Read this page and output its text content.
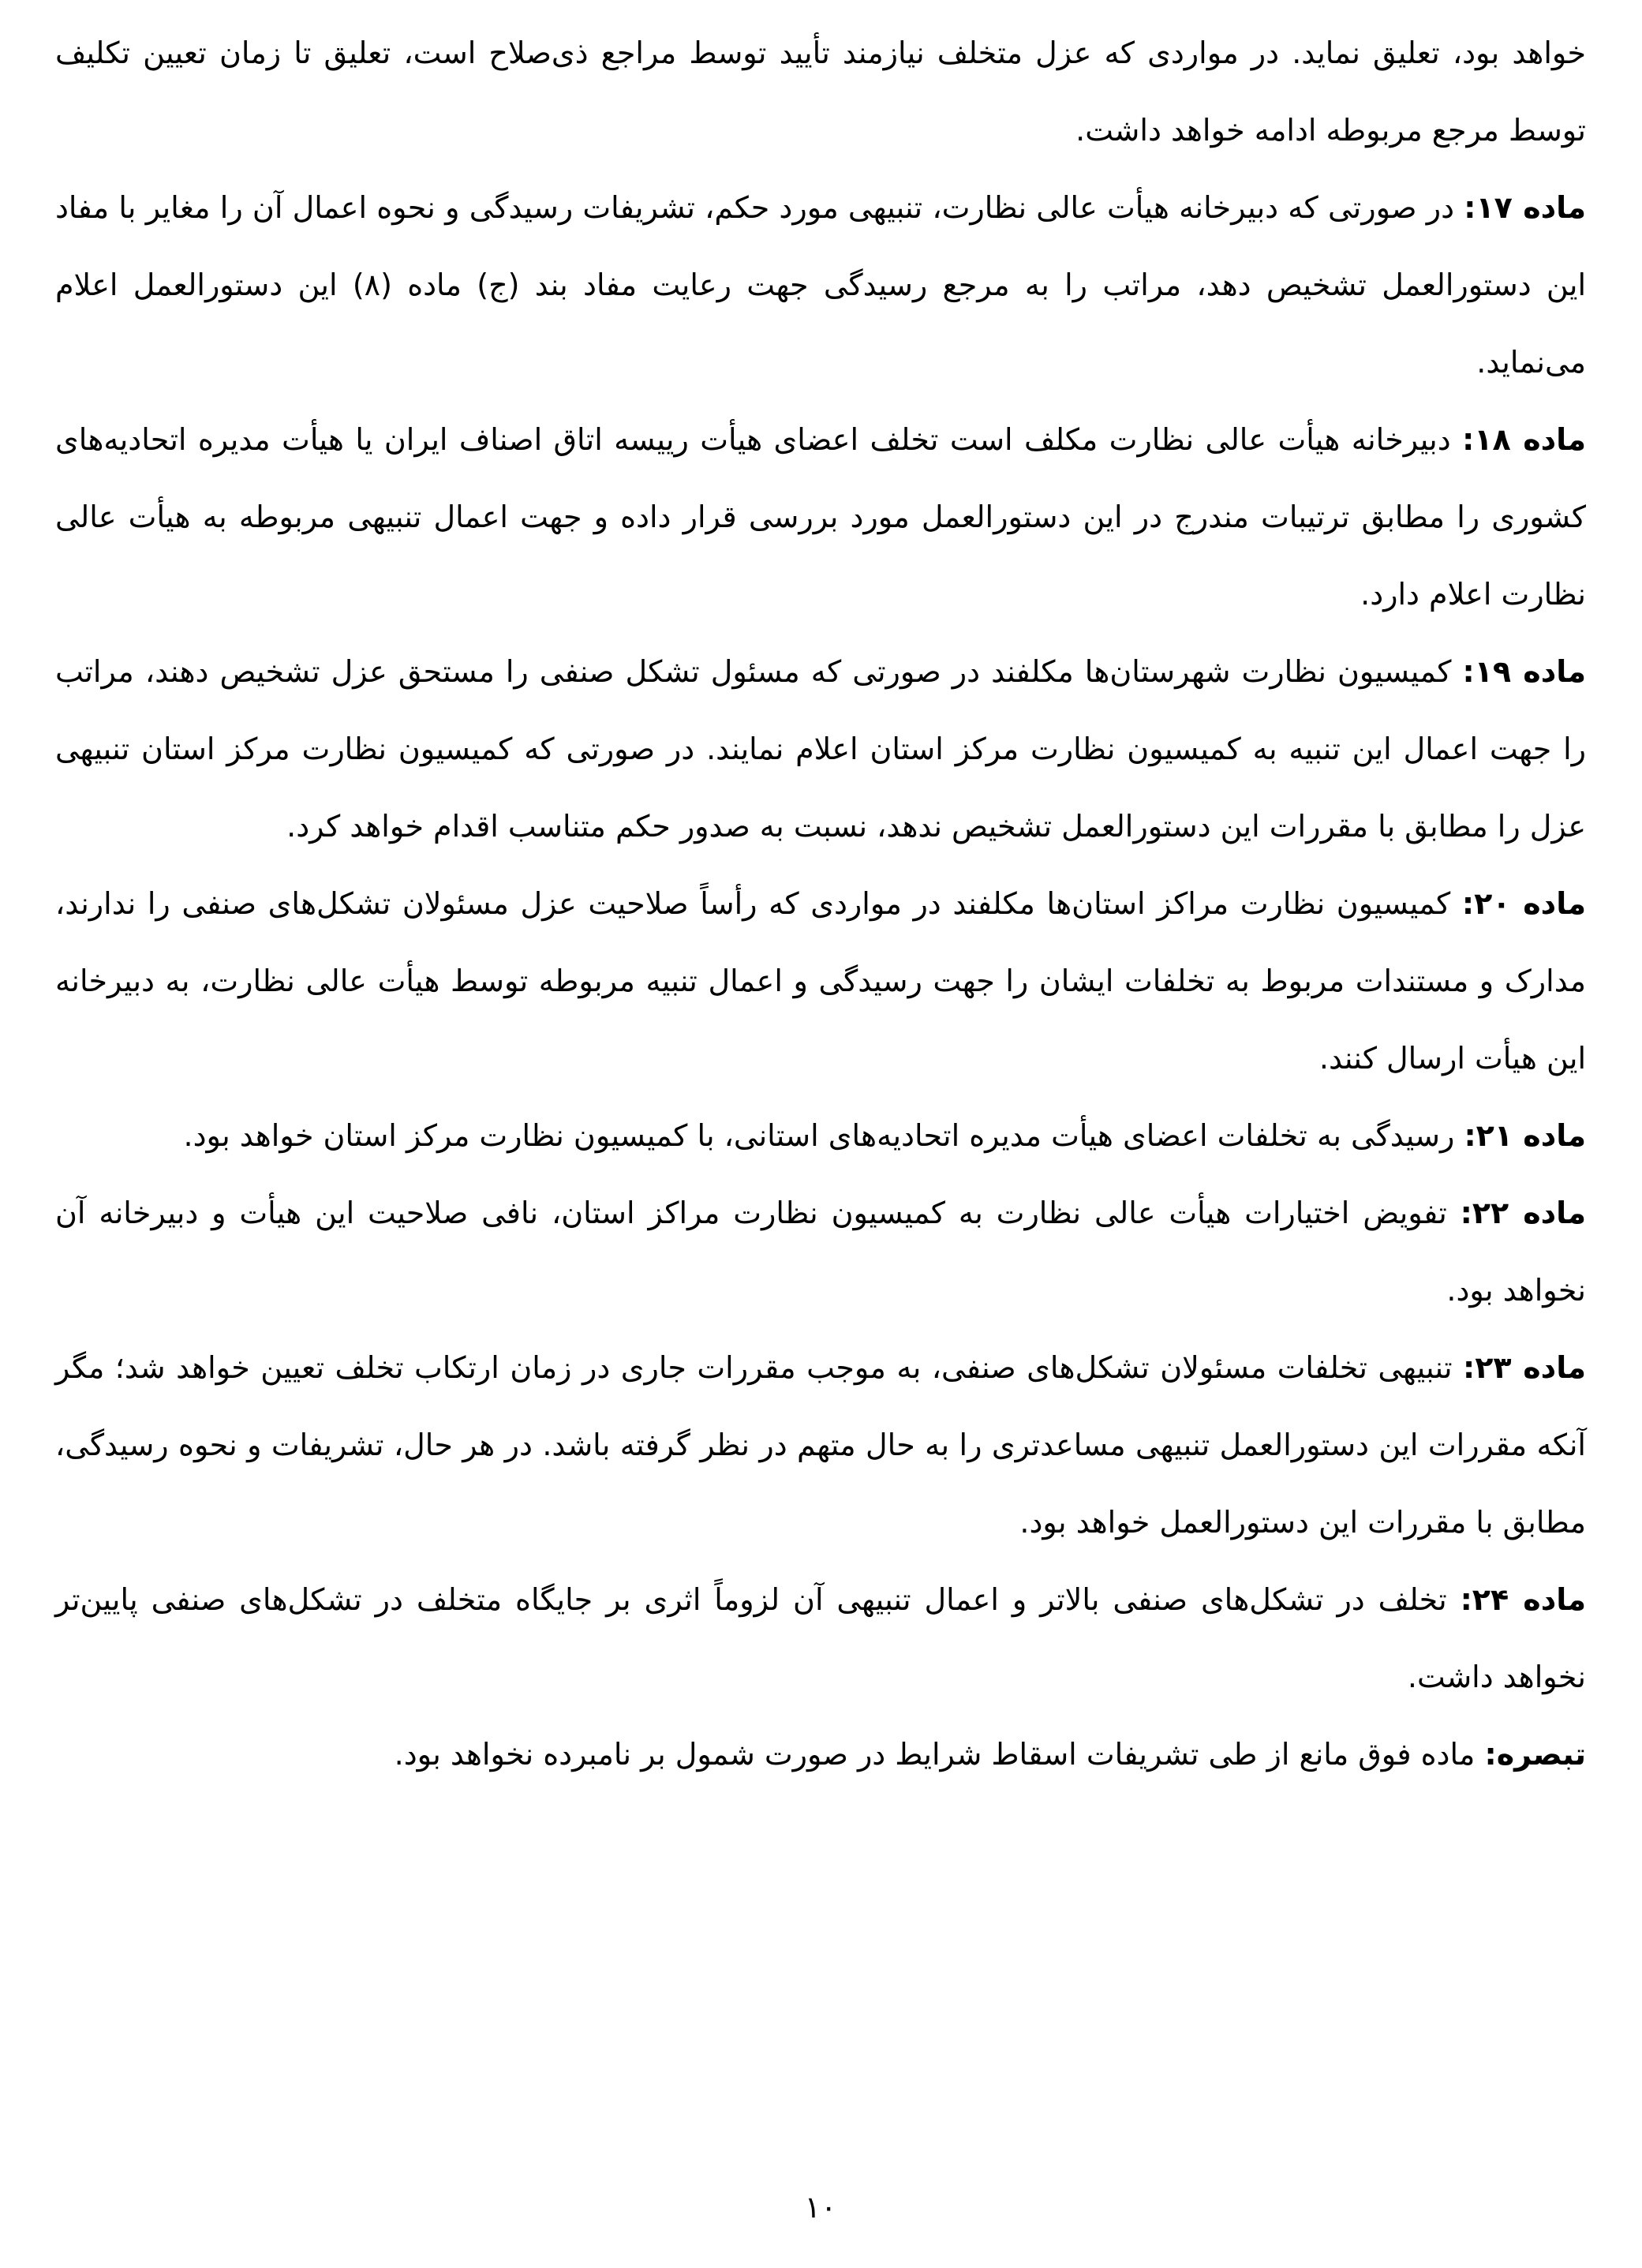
خواهد بود، تعلیق نماید. در مواردی که عزل متخلف نیازمند تأیید توسط مراجع ذی‌صلاح است، تعلیق تا زمان تعیین تکلیف توسط مرجع مربوطه ادامه خواهد داشت.

ماده ۱۷: در صورتی که دبیرخانه هیأت عالی نظارت، تنبیهی مورد حکم، تشریفات رسیدگی و نحوه اعمال آن را مغایر با مفاد این دستورالعمل تشخیص دهد، مراتب را به مرجع رسیدگی جهت رعایت مفاد بند (ج) ماده (۸) این دستورالعمل اعلام می‌نماید.

ماده ۱۸: دبیرخانه هیأت عالی نظارت مکلف است تخلف اعضای هیأت رییسه اتاق اصناف ایران یا هیأت مدیره اتحادیه‌های کشوری را مطابق ترتیبات مندرج در این دستورالعمل مورد بررسی قرار داده و جهت اعمال تنبیهی مربوطه به هیأت عالی نظارت اعلام دارد.

ماده ۱۹: کمیسیون نظارت شهرستان‌ها مکلفند در صورتی که مسئول تشکل صنفی را مستحق عزل تشخیص دهند، مراتب را جهت اعمال این تنبیه به کمیسیون نظارت مرکز استان اعلام نمایند. در صورتی که کمیسیون نظارت مرکز استان تنبیهی عزل را مطابق با مقررات این دستورالعمل تشخیص ندهد، نسبت به صدور حکم متناسب اقدام خواهد کرد.

ماده ۲۰: کمیسیون نظارت مراکز استان‌ها مکلفند در مواردی که رأساً صلاحیت عزل مسئولان تشکل‌های صنفی را ندارند، مدارک و مستندات مربوط به تخلفات ایشان را جهت رسیدگی و اعمال تنبیه مربوطه توسط هیأت عالی نظارت، به دبیرخانه این هیأت ارسال کنند.

ماده ۲۱: رسیدگی به تخلفات اعضای هیأت مدیره اتحادیه‌های استانی، با کمیسیون نظارت مرکز استان خواهد بود.

ماده ۲۲: تفویض اختیارات هیأت عالی نظارت به کمیسیون نظارت مراکز استان، نافی صلاحیت این هیأت و دبیرخانه آن نخواهد بود.

ماده ۲۳: تنبیهی تخلفات مسئولان تشکل‌های صنفی، به موجب مقررات جاری در زمان ارتکاب تخلف تعیین خواهد شد؛ مگر آنکه مقررات این دستورالعمل تنبیهی مساعدتری را به حال متهم در نظر گرفته باشد. در هر حال، تشریفات و نحوه رسیدگی، مطابق با مقررات این دستورالعمل خواهد بود.

ماده ۲۴: تخلف در تشکل‌های صنفی بالاتر و اعمال تنبیهی آن لزوماً اثری بر جایگاه متخلف در تشکل‌های صنفی پایین‌تر نخواهد داشت.

تبصره: ماده فوق مانع از طی تشریفات اسقاط شرایط در صورت شمول بر نامبرده نخواهد بود.

۱۰
